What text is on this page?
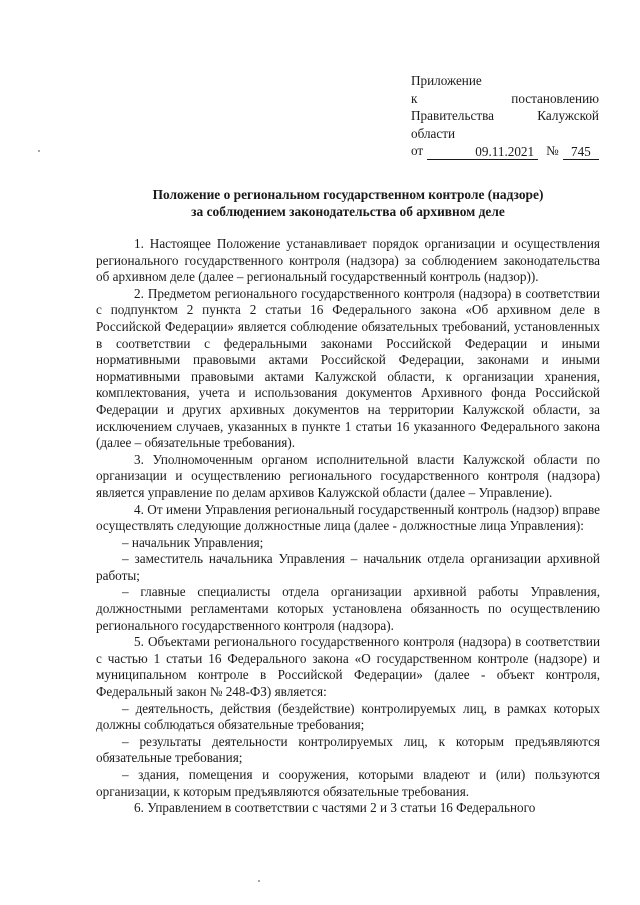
Приложение
к	постановлению
Правительства	Калужской
области
от	09.11.2021 № 745
Положение о региональном государственном контроле (надзоре)
за соблюдением законодательства об архивном деле

1. Настоящее Положение устанавливает порядок организации и осуществления регионального государственного контроля (надзора) за соблюдением законодательства об архивном деле (далее – региональный государственный контроль (надзор)).

2. Предметом регионального государственного контроля (надзора) в соответствии с подпунктом 2 пункта 2 статьи 16 Федерального закона «Об архивном деле в Российской Федерации» является соблюдение обязательных требований, установленных в соответствии с федеральными законами Российской Федерации и иными нормативными правовыми актами Российской Федерации, законами и иными нормативными правовыми актами Калужской области, к организации хранения, комплектования, учета и использования документов Архивного фонда Российской Федерации и других архивных документов на территории Калужской области, за исключением случаев, указанных в пункте 1 статьи 16 указанного Федерального закона (далее – обязательные требования).

3. Уполномоченным органом исполнительной власти Калужской области по организации и осуществлению регионального государственного контроля (надзора) является управление по делам архивов Калужской области (далее – Управление).

4. От имени Управления региональный государственный контроль (надзор) вправе осуществлять следующие должностные лица (далее - должностные лица Управления):

– начальник Управления;

– заместитель начальника Управления – начальник отдела организации архивной работы;

– главные специалисты отдела организации архивной работы Управления, должностными регламентами которых установлена обязанность по осуществлению регионального государственного контроля (надзора).

5. Объектами регионального государственного контроля (надзора) в соответствии с частью 1 статьи 16 Федерального закона «О государственном контроле (надзоре) и муниципальном контроле в Российской Федерации» (далее - объект контроля, Федеральный закон № 248-ФЗ) является:

– деятельность, действия (бездействие) контролируемых лиц, в рамках которых должны соблюдаться обязательные требования;

– результаты деятельности контролируемых лиц, к которым предъявляются обязательные требования;

– здания, помещения и сооружения, которыми владеют и (или) пользуются организации, к которым предъявляются обязательные требования.

6. Управлением в соответствии с частями 2 и 3 статьи 16 Федерального
